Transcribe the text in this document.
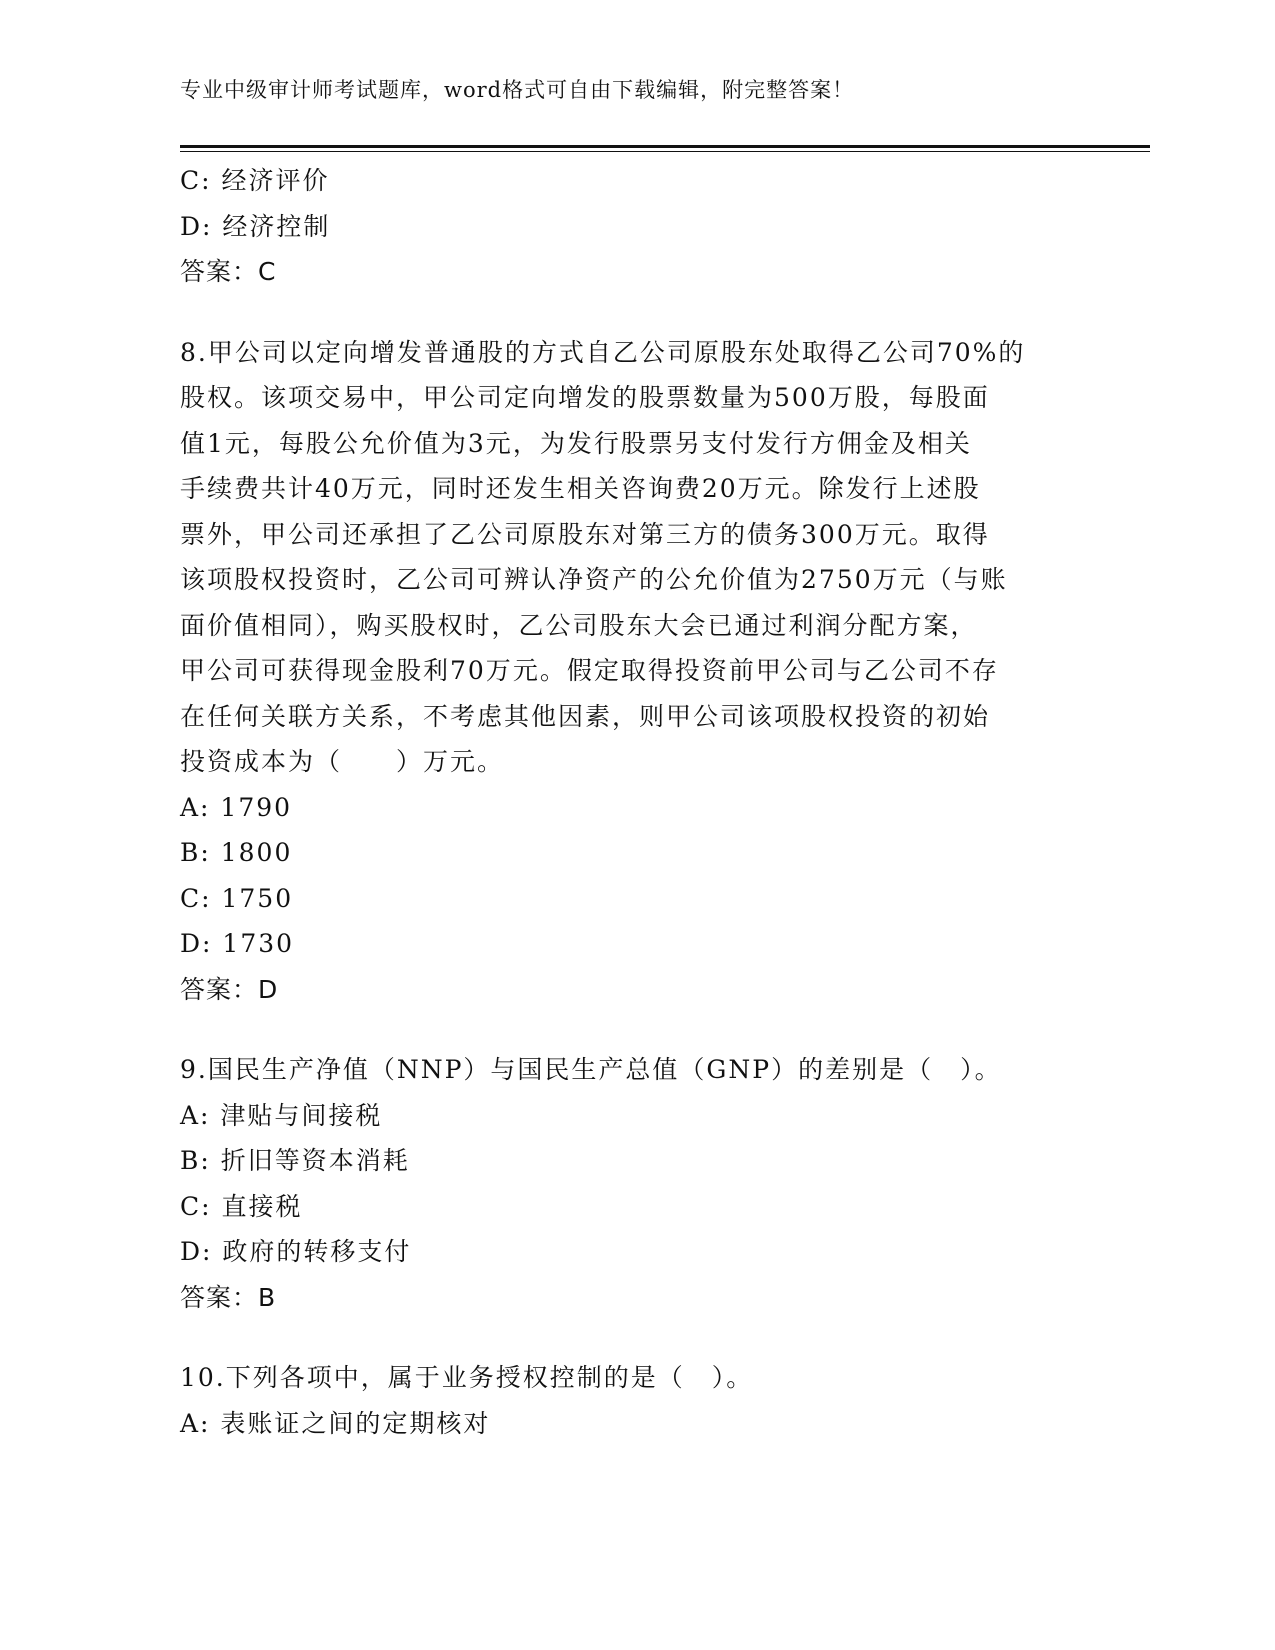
专业中级审计师考试题库，word格式可自由下载编辑，附完整答案！
C: 经济评价
D: 经济控制
答案：C
8.甲公司以定向增发普通股的方式自乙公司原股东处取得乙公司70%的
股权。该项交易中，甲公司定向增发的股票数量为500万股，每股面
值1元，每股公允价值为3元，为发行股票另支付发行方佣金及相关
手续费共计40万元，同时还发生相关咨询费20万元。除发行上述股
票外，甲公司还承担了乙公司原股东对第三方的债务300万元。取得
该项股权投资时，乙公司可辨认净资产的公允价值为2750万元（与账
面价值相同），购买股权时，乙公司股东大会已通过利润分配方案，
甲公司可获得现金股利70万元。假定取得投资前甲公司与乙公司不存
在任何关联方关系，不考虑其他因素，则甲公司该项股权投资的初始
投资成本为（　　）万元。
A: 1790
B: 1800
C: 1750
D: 1730
答案：D
9.国民生产净值（NNP）与国民生产总值（GNP）的差别是（　）。
A: 津贴与间接税
B: 折旧等资本消耗
C: 直接税
D: 政府的转移支付
答案：B
10.下列各项中，属于业务授权控制的是（　）。
A: 表账证之间的定期核对
